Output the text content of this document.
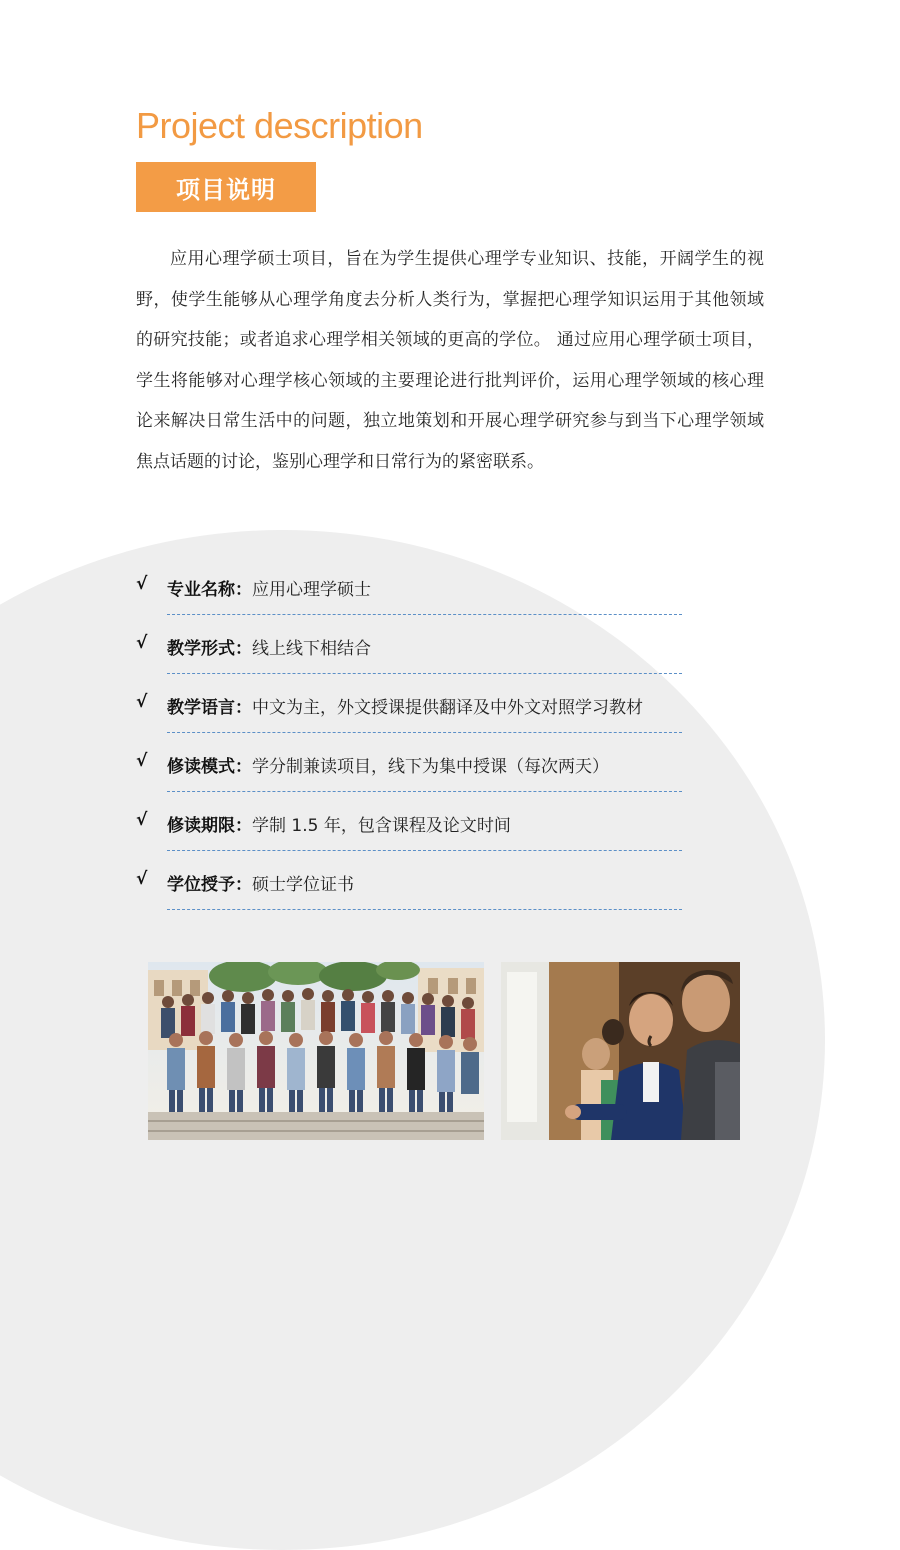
Project description
项目说明

应用心理学硕士项目，旨在为学生提供心理学专业知识、技能，开阔学生的视野，使学生能够从心理学角度去分析人类行为，掌握把心理学知识运用于其他领域的研究技能；或者追求心理学相关领域的更高的学位。 通过应用心理学硕士项目，学生将能够对心理学核心领域的主要理论进行批判评价，运用心理学领域的核心理论来解决日常生活中的问题，独立地策划和开展心理学研究参与到当下心理学领域焦点话题的讨论，鉴别心理学和日常行为的紧密联系。

√ 专业名称：应用心理学硕士
√ 教学形式：线上线下相结合
√ 教学语言：中文为主，外文授课提供翻译及中外文对照学习教材
√ 修读模式：学分制兼读项目，线下为集中授课（每次两天）
√ 修读期限：学制 1.5 年，包含课程及论文时间
√ 学位授予：硕士学位证书
